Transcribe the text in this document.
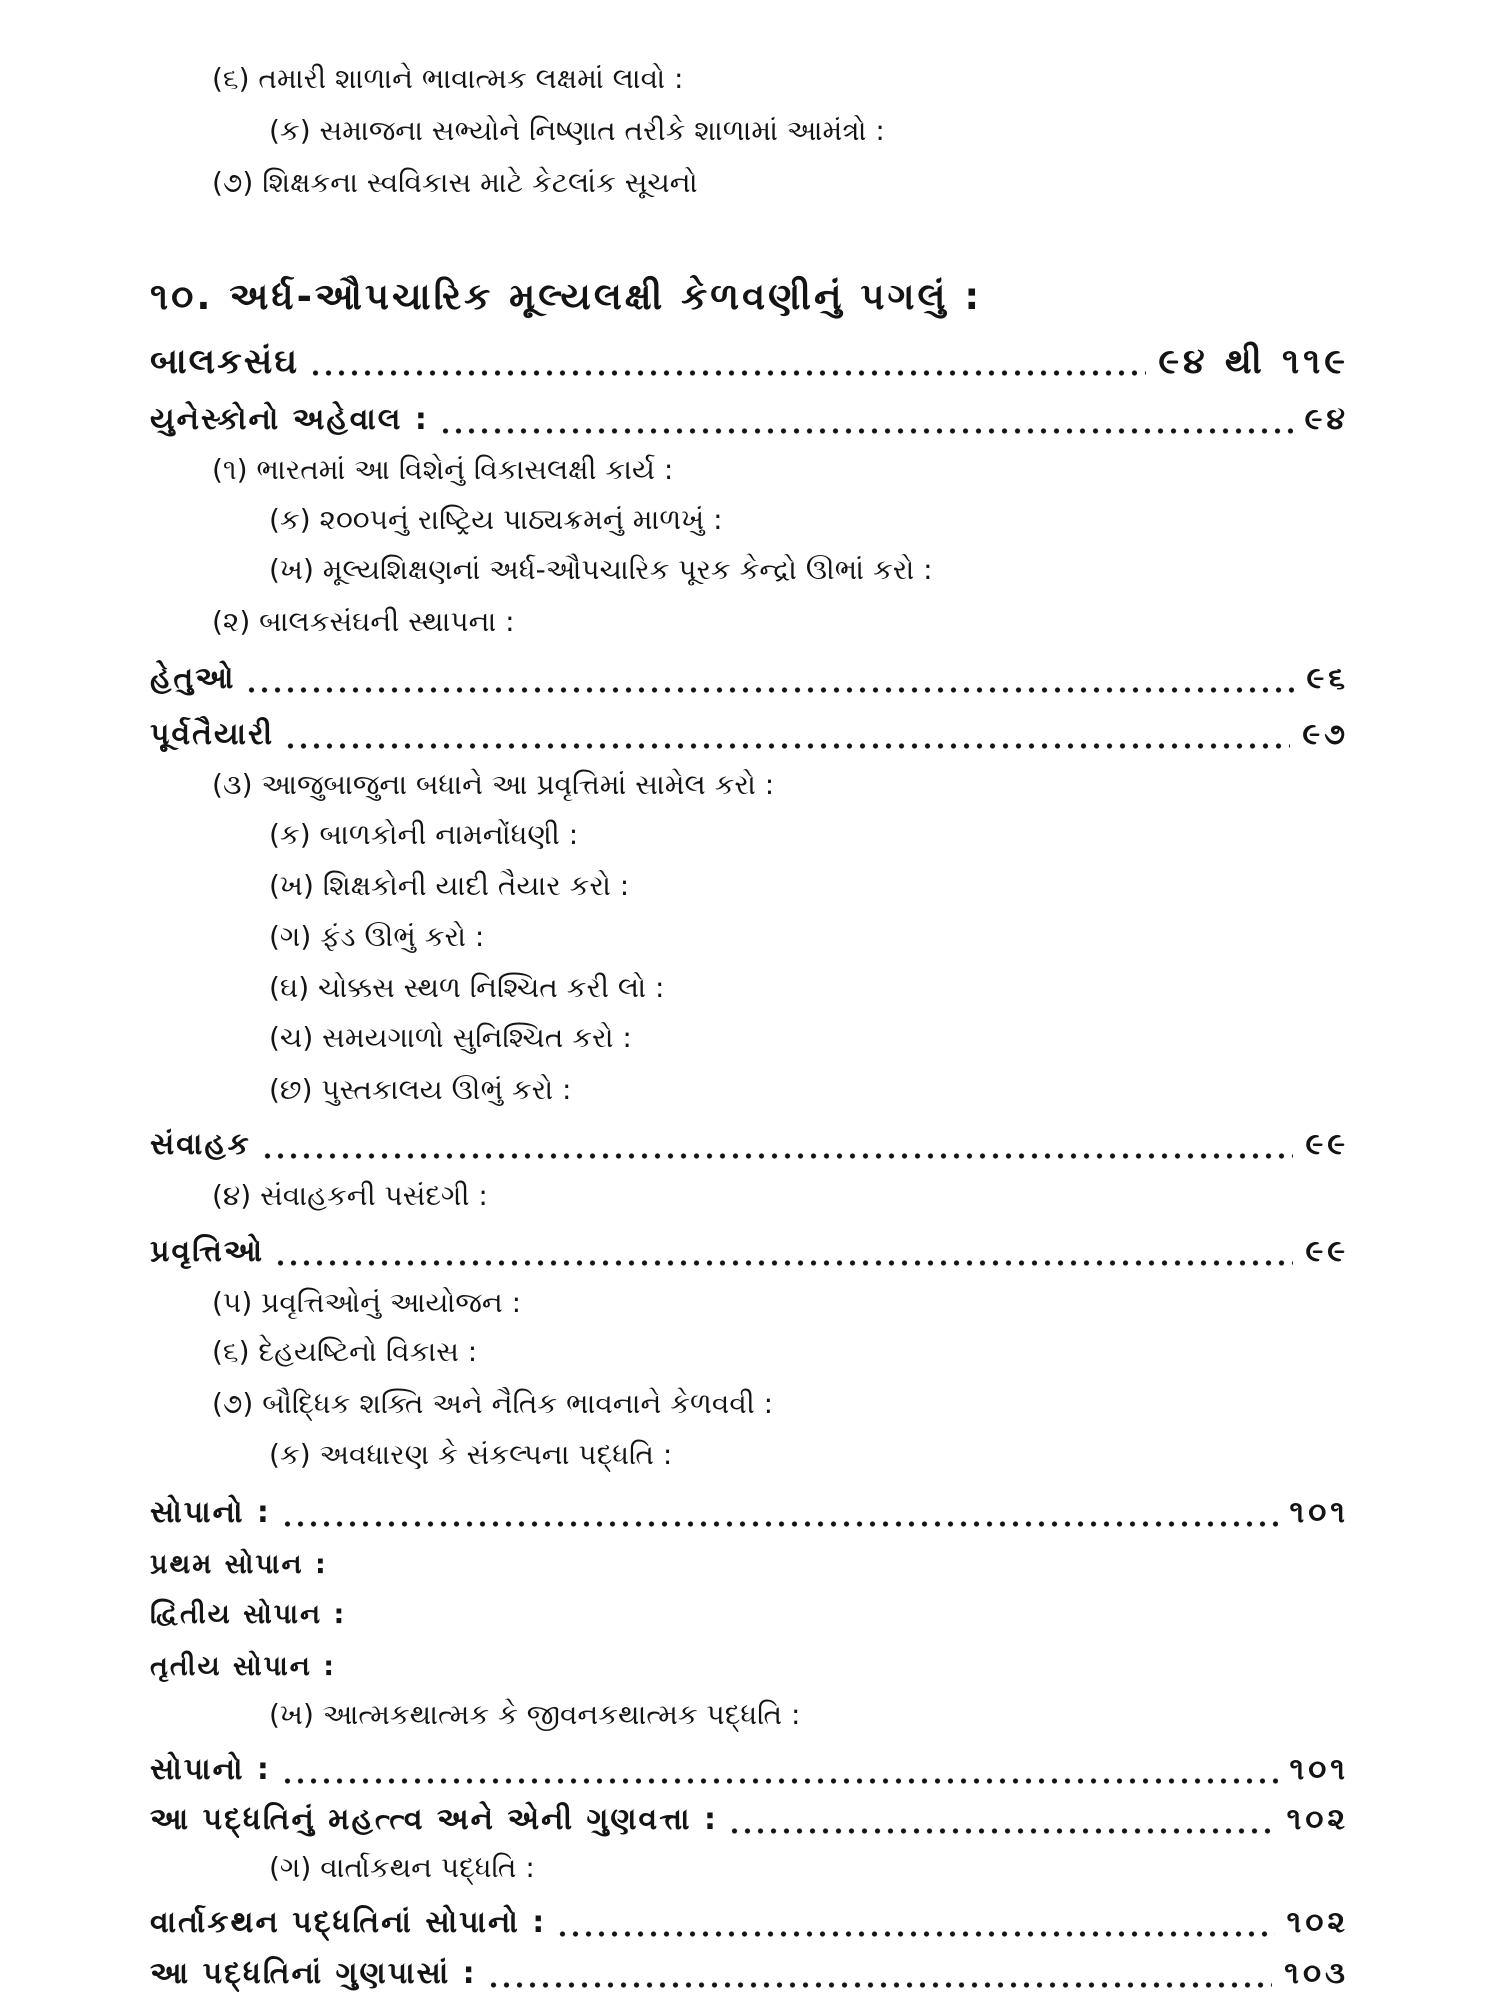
(૬) તમારી શાળાને ભાવાત્મક લક્ષમાં લાવો :
(ક) સમાજના સભ્યોને નિષ્ણાત તરીકે શાળામાં આમંત્રો :
(૭) શિક્ષકના સ્વવિકાસ માટે કેટલાંક સૂચનો
૧૦. અર્ધ-ઔપચારિક મૂલ્યલક્ષી કેળવણીનું પગલું :
બાલકસંઘ	૯૪ થી ૧૧૯
યુનેસ્કોનો અહેવાલ :	૯૪
(૧) ભારતમાં આ વિશેનું વિકાસલક્ષી કાર્ય :
(ક) ૨૦૦૫નું રાષ્ટ્રિય પાઠ્યક્રમનું માળખું :
(ખ) મૂલ્યશિક્ષણનાં અર્ધ-ઔપચારિક પૂરક કેન્દ્રો ઊભાં કરો :
(૨) બાલકસંઘની સ્થાપના :
હેતુઓ	૯૬
પૂર્વતૈયારી	૯૭
(૩) આજુબાજુના બધાને આ પ્રવૃત્તિમાં સામેલ કરો :
(ક) બાળકોની નામનોંધણી :
(ખ) શિક્ષકોની યાદી તૈયાર કરો :
(ગ) ફંડ ઊભું કરો :
(ઘ) ચોક્કસ સ્થળ નિશ્ચિત કરી લો :
(ચ) સમયગાળો સુનિશ્ચિત કરો :
(છ) પુસ્તકાલય ઊભું કરો :
સંવાહક	૯૯
(૪) સંવાહકની પસંદગી :
પ્રવૃત્તિઓ	૯૯
(૫) પ્રવૃત્તિઓનું આયોજન :
(૬) દેહયષ્ટિનો વિકાસ :
(૭) બૌદ્ધિક શક્તિ અને નૈતિક ભાવનાને કેળવવી :
(ક) અવધારણ કે સંકલ્પના પદ્ધતિ :
સોપાનો :	૧૦૧
પ્રથમ સોપાન :
દ્વિતીય સોપાન :
તૃતીય સોપાન :
(ખ) આત્મકથાત્મક કે જીવનકથાત્મક પદ્ધતિ :
સોપાનો :	૧૦૧
આ પદ્ધતિનું મહત્ત્વ અને એની ગુણવત્તા :	૧૦૨
(ગ) વાર્તાકથન પદ્ધતિ :
વાર્તાકથન પદ્ધતિનાં સોપાનો :	૧૦૨
આ પદ્ધતિનાં ગુણપાસાં :	૧૦૩
